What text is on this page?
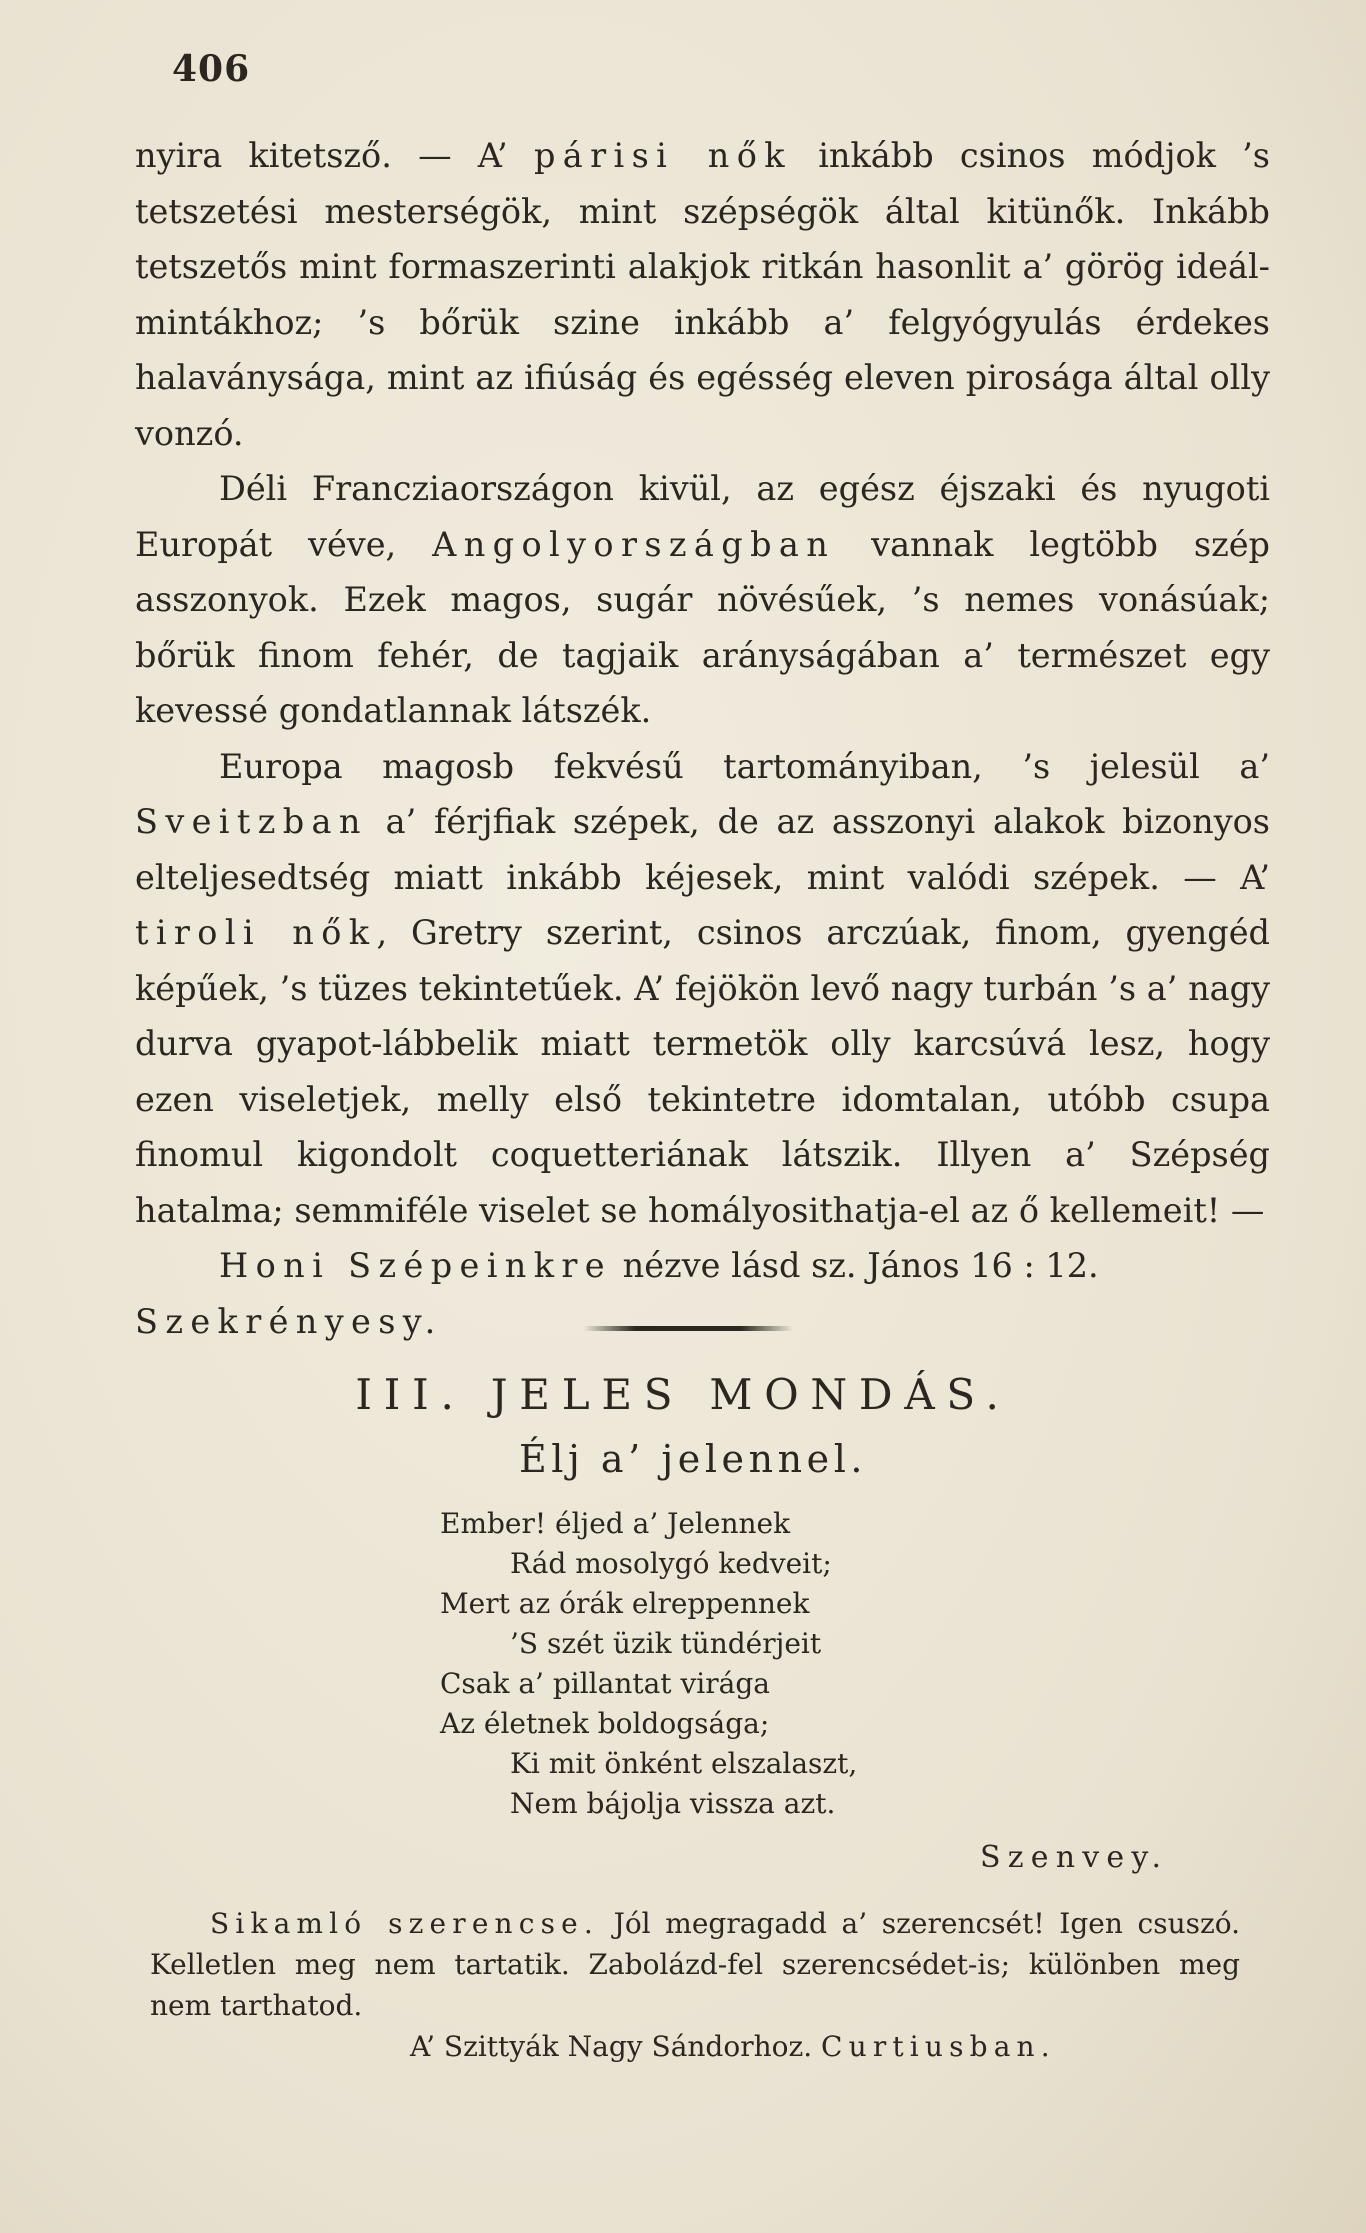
406

nyira kitetsző. — A’ párisi nők inkább csinos módjok ’s tetszetési mesterségök, mint szépségök által kitünők. Inkább tetszetős mint formaszerinti alakjok ritkán hasonlit a’ görög ideál-mintákhoz; ’s bőrük szine inkább a’ felgyógyulás érdekes halaványsága, mint az ifiúság és egésség eleven pirosága által olly vonzó.

Déli Francziaországon kivül, az egész éjszaki és nyugoti Europát véve, Angolyországban vannak legtöbb szép asszonyok. Ezek magos, sugár növésűek, ’s nemes vonásúak; bőrük finom fehér, de tagjaik arányságában a’ természet egy kevessé gondatlannak látszék.

Europa magosb fekvésű tartományiban, ’s jelesül a’ Sveitzban a’ férjfiak szépek, de az asszonyi alakok bizonyos elteljesedtség miatt inkább kéjesek, mint valódi szépek. — A’ tiroli nők, Gretry szerint, csinos arczúak, finom, gyengéd képűek, ’s tüzes tekintetűek. A’ fejökön levő nagy turbán ’s a’ nagy durva gyapot-lábbelik miatt termetök olly karcsúvá lesz, hogy ezen viseletjek, melly első tekintetre idomtalan, utóbb csupa finomul kigondolt coquetteriának látszik. Illyen a’ Szépség hatalma; semmiféle viselet se homályosithatja-el az ő kellemeit! —

Honi Szépeinkre nézve lásd sz. János 16 : 12.

Szekrényesy.

III. JELES MONDÁS.
Élj a’ jelennel.
Ember! éljed a’ Jelennek
Rád mosolygó kedveit;
Mert az órák elreppennek
’S szét üzik tündérjeit
Csak a’ pillantat virága
Az életnek boldogsága;
Ki mit önként elszalaszt,
Nem bájolja vissza azt.
Szenvey.

Sikamló szerencse. Jól megragadd a’ szerencsét! Igen csuszó. Kelletlen meg nem tartatik. Zabolázd-fel szerencsédet-is; különben meg nem tarthatod.

A’ Szittyák Nagy Sándorhoz. Curtiusban.
